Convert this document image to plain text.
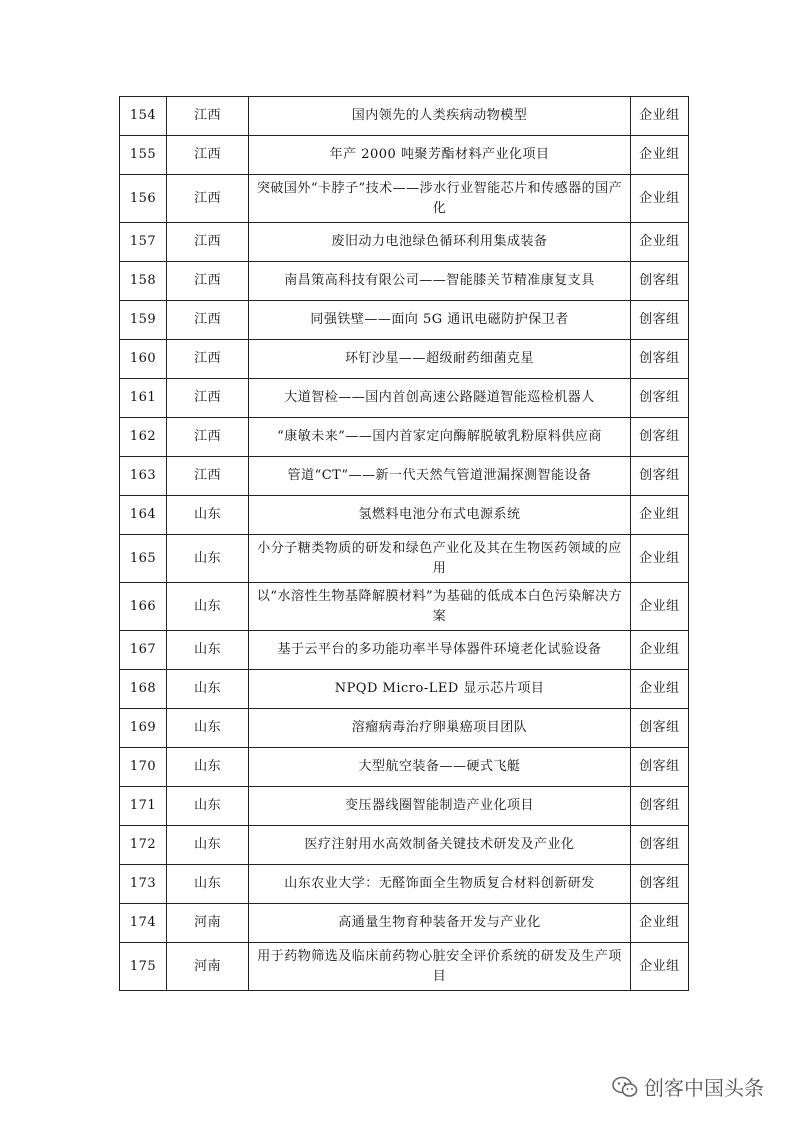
154	江西	国内领先的人类疾病动物模型	企业组
155	江西	年产 2000 吨聚芳酯材料产业化项目	企业组
156	江西	突破国外“卡脖子”技术——涉水行业智能芯片和传感器的国产化	企业组
157	江西	废旧动力电池绿色循环利用集成装备	企业组
158	江西	南昌策高科技有限公司——智能膝关节精准康复支具	创客组
159	江西	同强铁壁——面向 5G 通讯电磁防护保卫者	创客组
160	江西	环钉沙星——超级耐药细菌克星	创客组
161	江西	大道智检——国内首创高速公路隧道智能巡检机器人	创客组
162	江西	“康敏未来”——国内首家定向酶解脱敏乳粉原料供应商	创客组
163	江西	管道“CT”——新一代天然气管道泄漏探测智能设备	创客组
164	山东	氢燃料电池分布式电源系统	企业组
165	山东	小分子糖类物质的研发和绿色产业化及其在生物医药领域的应用	企业组
166	山东	以“水溶性生物基降解膜材料”为基础的低成本白色污染解决方案	企业组
167	山东	基于云平台的多功能功率半导体器件环境老化试验设备	企业组
168	山东	NPQD Micro-LED 显示芯片项目	企业组
169	山东	溶瘤病毒治疗卵巢癌项目团队	创客组
170	山东	大型航空装备——硬式飞艇	创客组
171	山东	变压器线圈智能制造产业化项目	创客组
172	山东	医疗注射用水高效制备关键技术研发及产业化	创客组
173	山东	山东农业大学：无醛饰面全生物质复合材料创新研发	创客组
174	河南	高通量生物育种装备开发与产业化	企业组
175	河南	用于药物筛选及临床前药物心脏安全评价系统的研发及生产项目	企业组
创客中国头条
